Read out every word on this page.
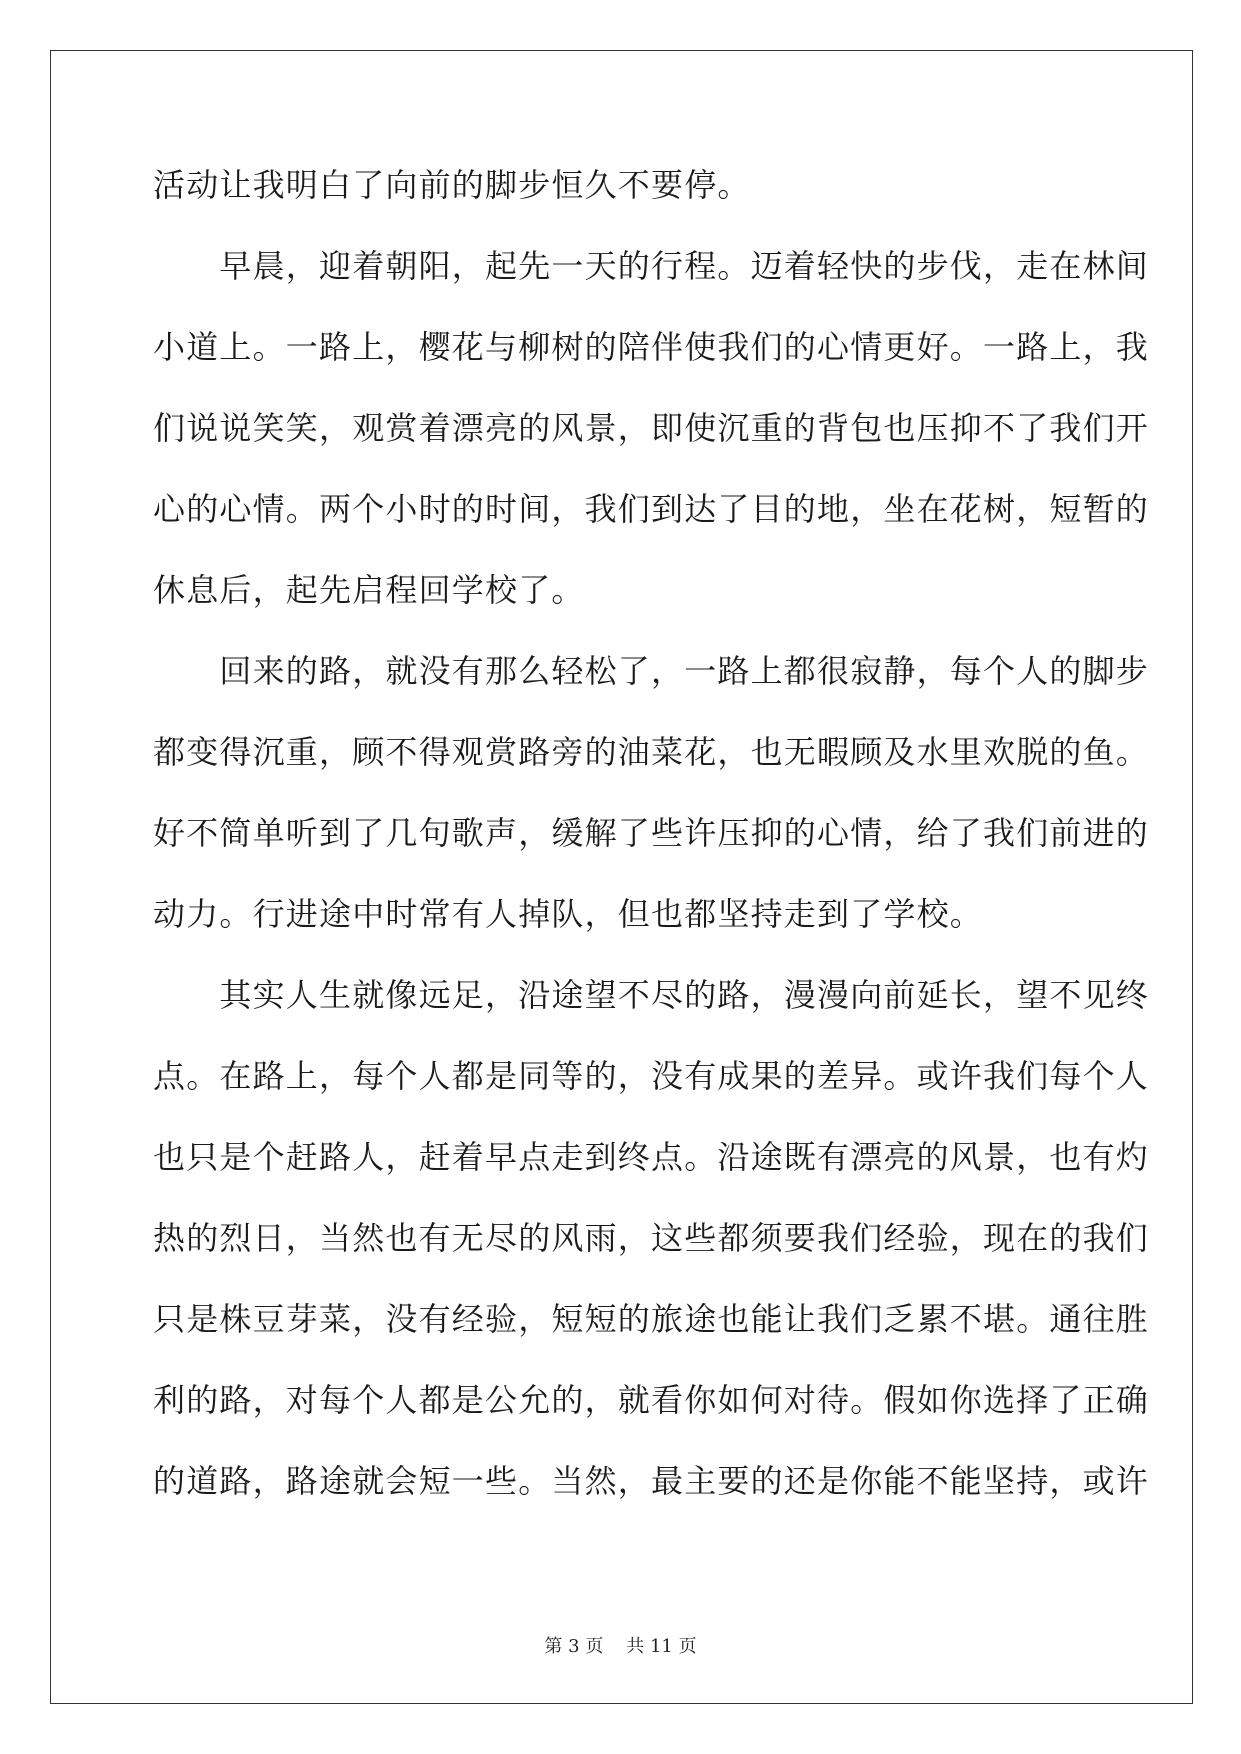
活动让我明白了向前的脚步恒久不要停。
　　早晨，迎着朝阳，起先一天的行程。迈着轻快的步伐，走在林间
小道上。一路上，樱花与柳树的陪伴使我们的心情更好。一路上，我
们说说笑笑，观赏着漂亮的风景，即使沉重的背包也压抑不了我们开
心的心情。两个小时的时间，我们到达了目的地，坐在花树，短暂的
休息后，起先启程回学校了。
　　回来的路，就没有那么轻松了，一路上都很寂静，每个人的脚步
都变得沉重，顾不得观赏路旁的油菜花，也无暇顾及水里欢脱的鱼。
好不简单听到了几句歌声，缓解了些许压抑的心情，给了我们前进的
动力。行进途中时常有人掉队，但也都坚持走到了学校。
　　其实人生就像远足，沿途望不尽的路，漫漫向前延长，望不见终
点。在路上，每个人都是同等的，没有成果的差异。或许我们每个人
也只是个赶路人，赶着早点走到终点。沿途既有漂亮的风景，也有灼
热的烈日，当然也有无尽的风雨，这些都须要我们经验，现在的我们
只是株豆芽菜，没有经验，短短的旅途也能让我们乏累不堪。通往胜
利的路，对每个人都是公允的，就看你如何对待。假如你选择了正确
的道路，路途就会短一些。当然，最主要的还是你能不能坚持，或许
第 3 页 共 11 页
